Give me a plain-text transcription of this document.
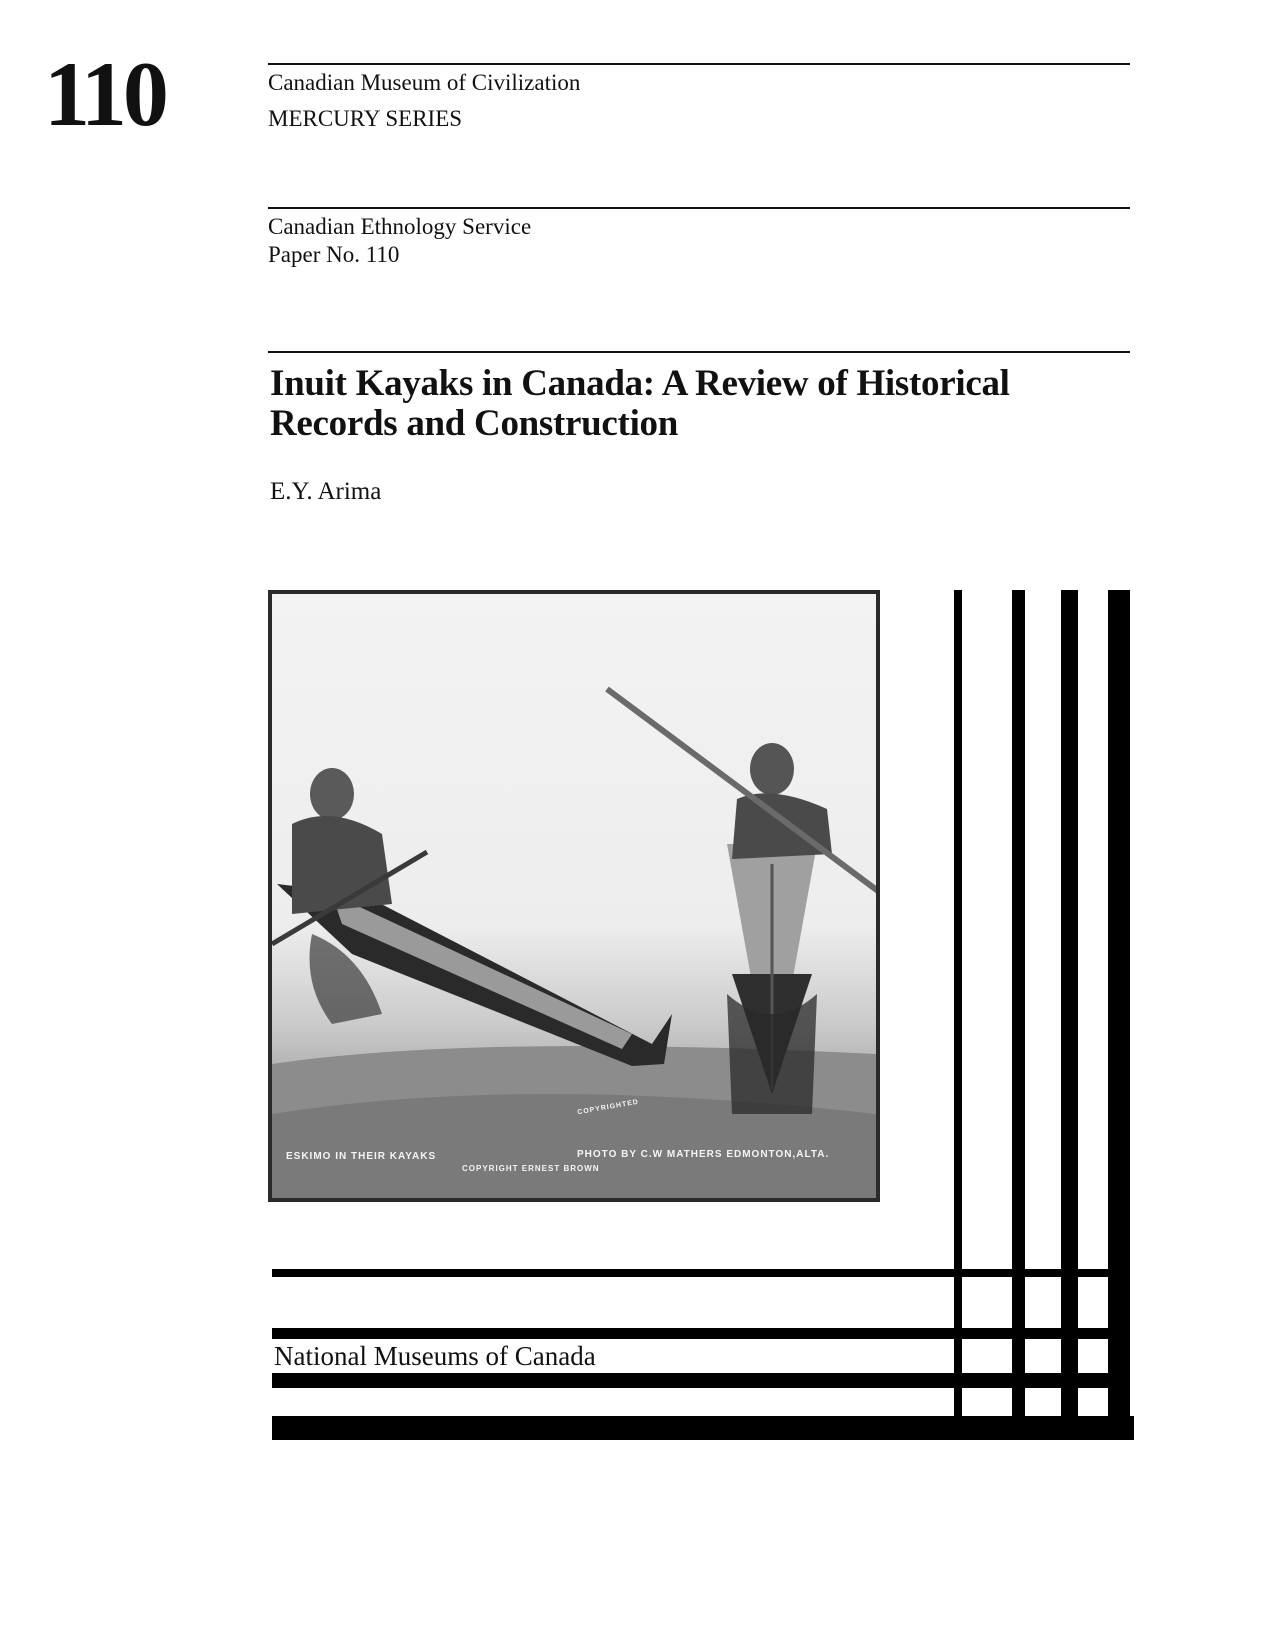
110	Canadian Museum of Civilization
MERCURY SERIES
Canadian Ethnology Service
Paper No. 110
Inuit Kayaks in Canada: A Review of Historical
Records and Construction
E.Y. Arima
ESKIMO IN THEIR KAYAKS
COPYRIGHT ERNEST BROWN
COPYRIGHTED
PHOTO BY C.W MATHERS EDMONTON,ALTA.
National Museums of Canada
